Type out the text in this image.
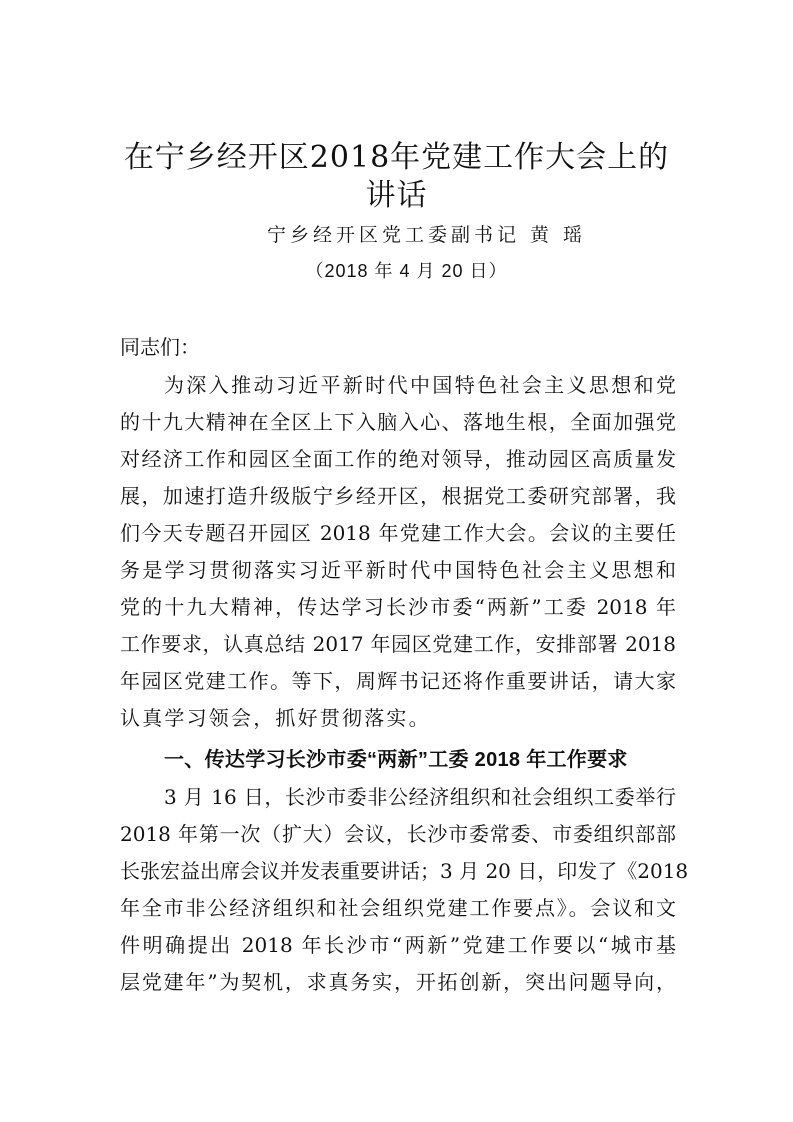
在宁乡经开区2018年党建工作大会上的
讲话
宁乡经开区党工委副书记 黄 瑶
（2018 年 4 月 20 日）
同志们：
为深入推动习近平新时代中国特色社会主义思想和党
的十九大精神在全区上下入脑入心、落地生根，全面加强党
对经济工作和园区全面工作的绝对领导，推动园区高质量发
展，加速打造升级版宁乡经开区，根据党工委研究部署，我
们今天专题召开园区 2018 年党建工作大会。会议的主要任
务是学习贯彻落实习近平新时代中国特色社会主义思想和
党的十九大精神，传达学习长沙市委“两新”工委 2018 年
工作要求，认真总结 2017 年园区党建工作，安排部署 2018
年园区党建工作。等下，周辉书记还将作重要讲话，请大家
认真学习领会，抓好贯彻落实。
一、传达学习长沙市委“两新”工委 2018 年工作要求
3 月 16 日，长沙市委非公经济组织和社会组织工委举行
2018 年第一次（扩大）会议，长沙市委常委、市委组织部部
长张宏益出席会议并发表重要讲话；3 月 20 日，印发了《2018
年全市非公经济组织和社会组织党建工作要点》。会议和文
件明确提出 2018 年长沙市“两新”党建工作要以“城市基
层党建年”为契机，求真务实，开拓创新，突出问题导向，
